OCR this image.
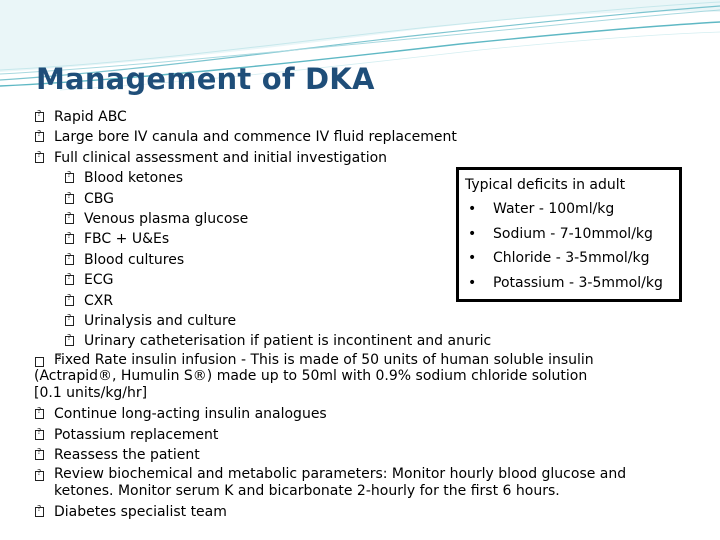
Management of DKA
?
Rapid ABC
?
Large bore IV canula and commence IV fluid replacement
?
Full clinical assessment and initial investigation
?
Blood ketones
?
CBG
?
Venous plasma glucose
?
FBC + U&Es
?
Blood cultures
?
ECG
?
CXR
?
Urinalysis and culture
?
Urinary catheterisation if patient is incontinent and anuric
?
Fixed Rate insulin infusion - This is made of 50 units of human soluble insulin (Actrapid®, Humulin S®) made up to 50ml with 0.9% sodium chloride solution [0.1 units/kg/hr]
?
Continue long-acting insulin analogues
?
Potassium replacement
?
Reassess the patient
?
Review biochemical and metabolic parameters: Monitor hourly blood glucose and ketones. Monitor serum K and bicarbonate 2-hourly for the first 6 hours.
?
Diabetes specialist team
Typical deficits in adult
• Water - 100ml/kg
• Sodium - 7-10mmol/kg
• Chloride - 3-5mmol/kg
• Potassium - 3-5mmol/kg
